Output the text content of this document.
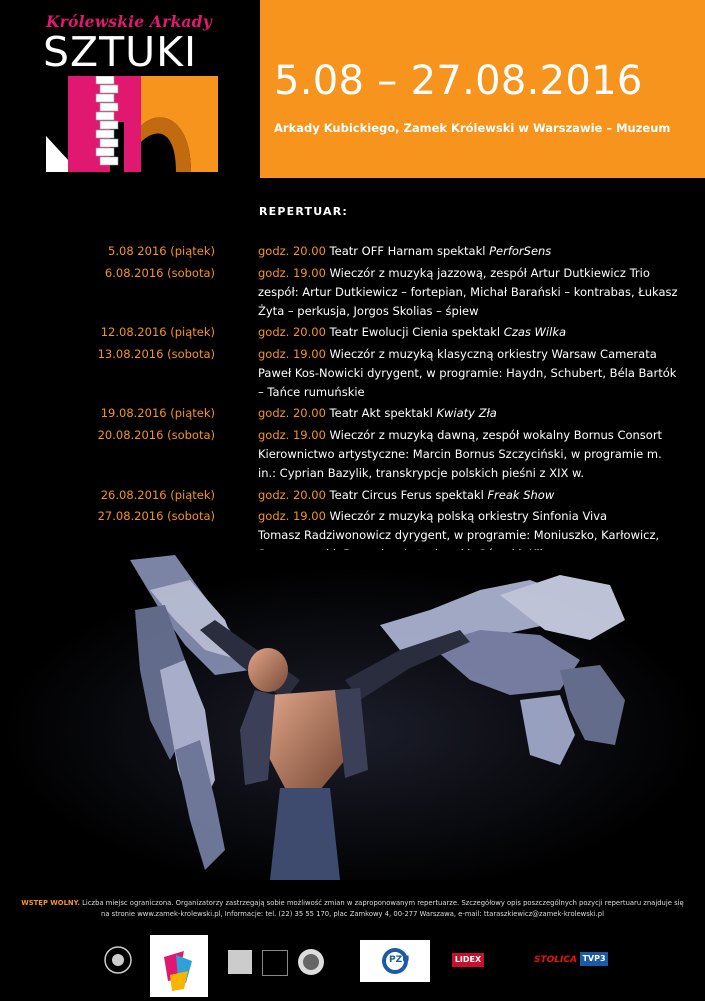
Królewskie Arkady
SZTUKI
5.08 – 27.08.2016
Arkady Kubickiego, Zamek Królewski w Warszawie – Muzeum
REPERTUAR:
5.08 2016 (piątek)	godz. 20.00 Teatr OFF Harnam spektakl PerforSens
6.08.2016 (sobota)	godz. 19.00 Wieczór z muzyką jazzową, zespół Artur Dutkiewicz Trio
zespół: Artur Dutkiewicz – fortepian, Michał Barański – kontrabas, Łukasz Żyta – perkusja, Jorgos Skolias – śpiew
12.08.2016 (piątek)	godz. 20.00 Teatr Ewolucji Cienia spektakl Czas Wilka
13.08.2016 (sobota)	godz. 19.00 Wieczór z muzyką klasyczną orkiestry Warsaw Camerata
Paweł Kos-Nowicki dyrygent, w programie: Haydn, Schubert, Béla Bartók – Tańce rumuńskie
19.08.2016 (piątek)	godz. 20.00 Teatr Akt spektakl Kwiaty Zła
20.08.2016 (sobota)	godz. 19.00 Wieczór z muzyką dawną, zespół wokalny Bornus Consort
Kierownictwo artystyczne: Marcin Bornus Szczyciński, w programie m. in.: Cyprian Bazylik, transkrypcje polskich pieśni z XIX w.
26.08.2016 (piątek)	godz. 20.00 Teatr Circus Ferus spektakl Freak Show
27.08.2016 (sobota)	godz. 19.00 Wieczór z muzyką polską orkiestry Sinfonia Viva
Tomasz Radziwonowicz dyrygent, w programie: Moniuszko, Karłowicz,
WSTĘP WOLNY. Liczba miejsc ograniczona. Organizatorzy zastrzegają sobie możliwość zmian w zaproponowanym repertuarze. Szczegółowy opis poszczególnych pozycji repertuaru znajduje się na stronie www.zamek-krolewski.pl, Informacje: tel. (22) 35 55 170, plac Zamkowy 4, 00-277 Warszawa, e-mail: ttaraszkiewicz@zamek-krolewski.pl
PZU	LIDEX	STOLICA TVP3
